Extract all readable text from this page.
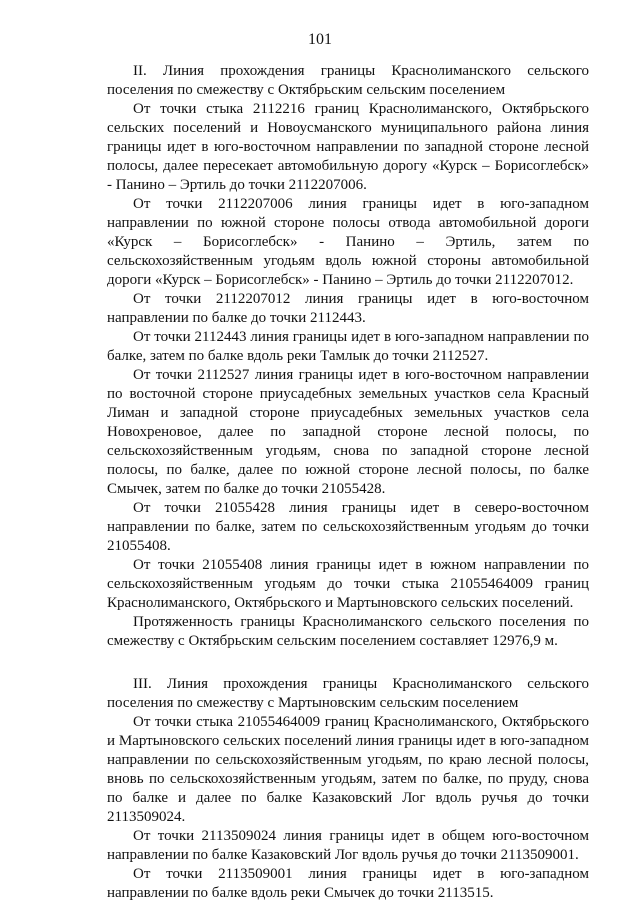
101

II. Линия прохождения границы Краснолиманского сельского поселения по смежеству с Октябрьским сельским поселением

От точки стыка 2112216 границ Краснолиманского, Октябрьского сельских поселений и Новоусманского муниципального района линия границы идет в юго-восточном направлении по западной стороне лесной полосы, далее пересекает автомобильную дорогу «Курск – Борисоглебск» - Панино – Эртиль до точки 2112207006.

От точки 2112207006 линия границы идет в юго-западном направлении по южной стороне полосы отвода автомобильной дороги «Курск – Борисоглебск» - Панино – Эртиль, затем по сельскохозяйственным угодьям вдоль южной стороны автомобильной дороги «Курск – Борисоглебск» - Панино – Эртиль до точки 2112207012.

От точки 2112207012 линия границы идет в юго-восточном направлении по балке до точки 2112443.

От точки 2112443 линия границы идет в юго-западном направлении по балке, затем по балке вдоль реки Тамлык до точки 2112527.

От точки 2112527 линия границы идет в юго-восточном направлении по восточной стороне приусадебных земельных участков села Красный Лиман и западной стороне приусадебных земельных участков села Новохреновое, далее по западной стороне лесной полосы, по сельскохозяйственным угодьям, снова по западной стороне лесной полосы, по балке, далее по южной стороне лесной полосы, по балке Смычек, затем по балке до точки 21055428.

От точки 21055428 линия границы идет в северо-восточном направлении по балке, затем по сельскохозяйственным угодьям до точки 21055408.

От точки 21055408 линия границы идет в южном направлении по сельскохозяйственным угодьям до точки стыка 21055464009 границ Краснолиманского, Октябрьского и Мартыновского сельских поселений.

Протяженность границы Краснолиманского сельского поселения по смежеству с Октябрьским сельским поселением составляет 12976,9 м.

III. Линия прохождения границы Краснолиманского сельского поселения по смежеству с Мартыновским сельским поселением

От точки стыка 21055464009 границ Краснолиманского, Октябрьского и Мартыновского сельских поселений линия границы идет в юго-западном направлении по сельскохозяйственным угодьям, по краю лесной полосы, вновь по сельскохозяйственным угодьям, затем по балке, по пруду, снова по балке и далее по балке Казаковский Лог вдоль ручья до точки 2113509024.

От точки 2113509024 линия границы идет в общем юго-восточном направлении по балке Казаковский Лог вдоль ручья до точки 2113509001.

От точки 2113509001 линия границы идет в юго-западном направлении по балке вдоль реки Смычек до точки 2113515.
